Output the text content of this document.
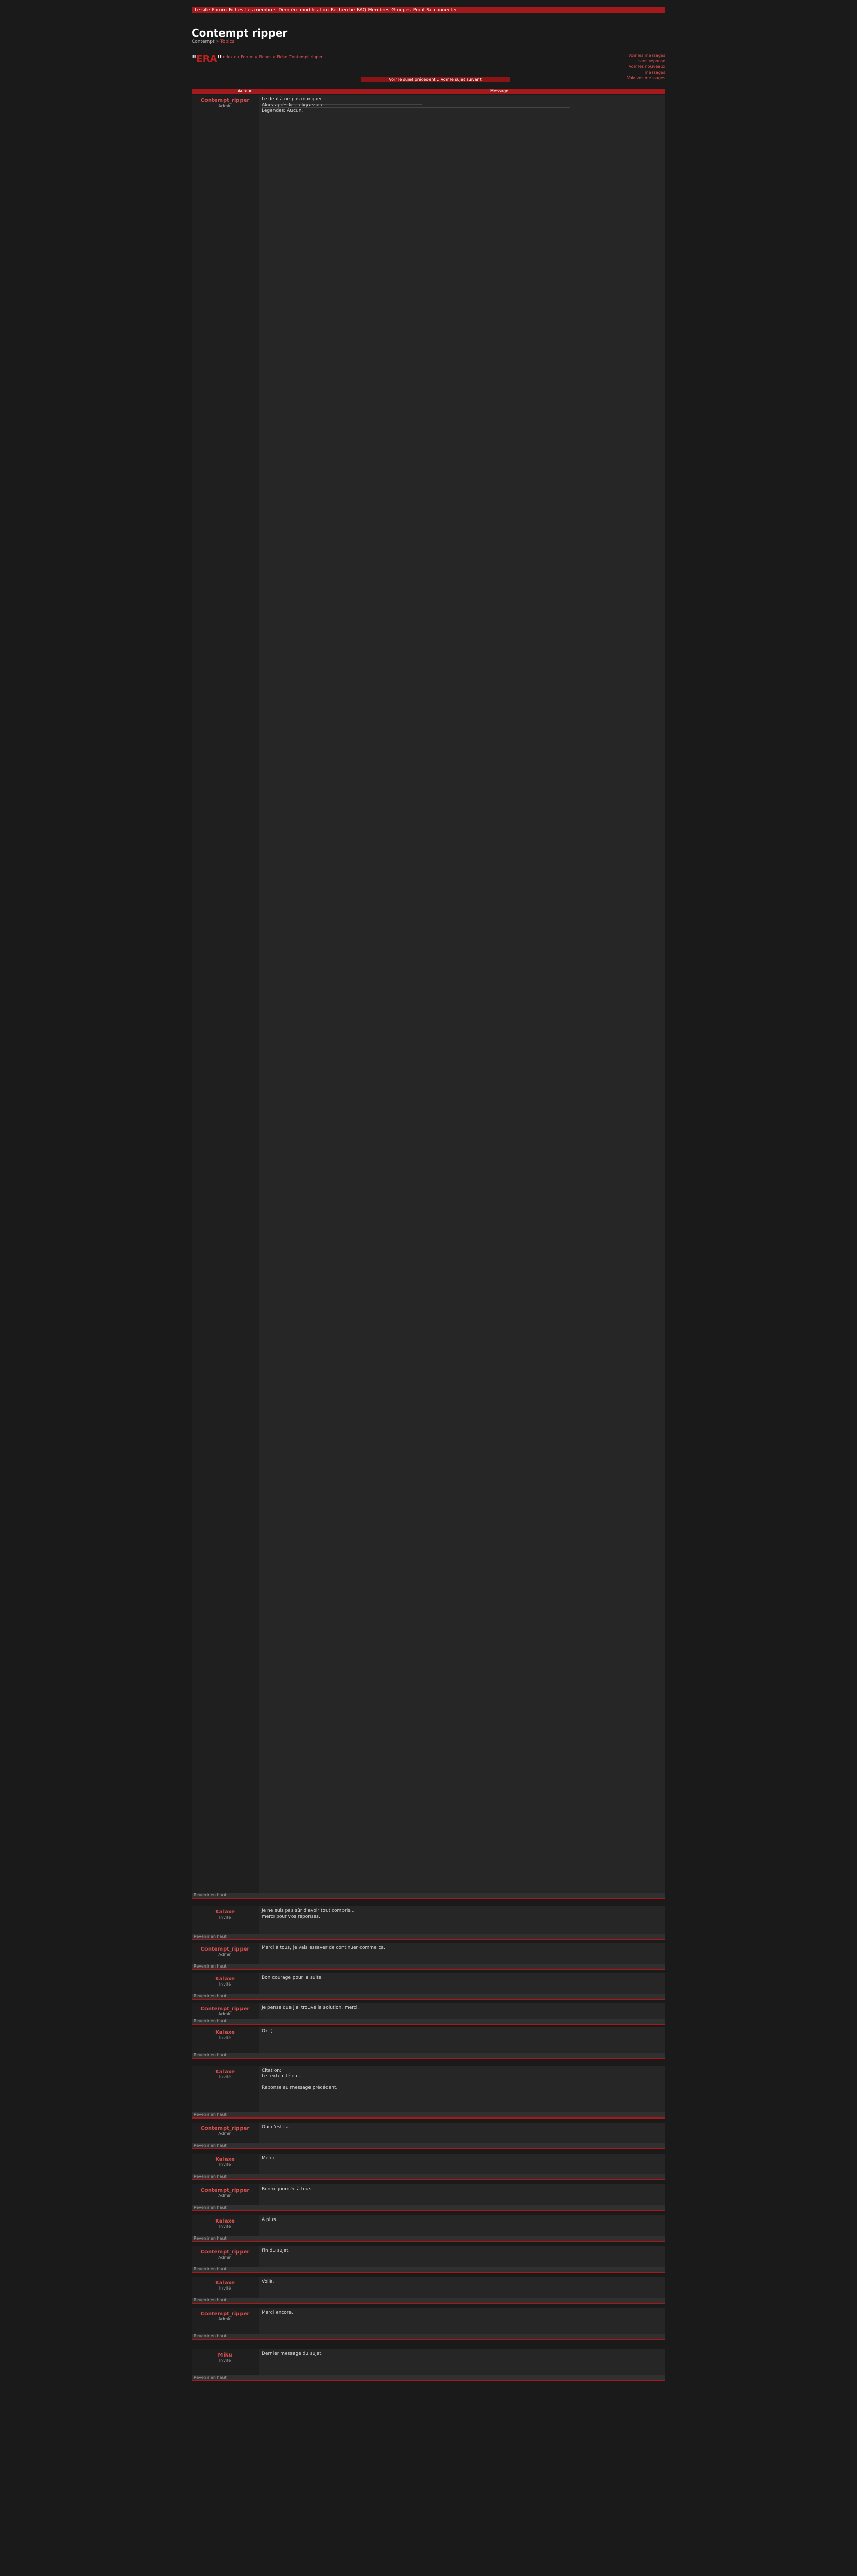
Le site Forum Fiches Les membres Dernière modification Recherche FAQ Membres Groupes Profil Se connecter
Contempt ripper
Contempt » Topics
"ERA" Index du Forum » Fiches » Fiche Contempt ripper	Voir les messages sans réponse
Voir les nouveaux messages
Voir vos messages
Voir le sujet précédent :: Voir le sujet suivant
Auteur	Message
Contempt_ripper
Admin
Le deal à ne pas manquer :
Alors après le... cliquez-ici
Legendes: Aucun.
Revenir en haut
Kalaxe
Invité
Je ne suis pas sûr d'avoir tout compris...
merci pour vos réponses.
Revenir en haut
Contempt_ripper
Admin
Merci à tous, je vais essayer de continuer comme ça.
Revenir en haut
Kalaxe
Invité
Bon courage pour la suite.
Revenir en haut
Contempt_ripper
Admin
Je pense que j'ai trouvé la solution, merci.
Revenir en haut
Kalaxe
Invité
Ok :)
Revenir en haut
Kalaxe
Invité
Citation:
Le texte cité ici...

Reponse au message précédent.
Revenir en haut
Contempt_ripper
Admin
Oui c'est ça.
Revenir en haut
Kalaxe
Invité
Merci.
Revenir en haut
Contempt_ripper
Admin
Bonne journée à tous.
Revenir en haut
Kalaxe
Invité
A plus.
Revenir en haut
Contempt_ripper
Admin
Fin du sujet.
Revenir en haut
Kalaxe
Invité
Voilà.
Revenir en haut
Contempt_ripper
Admin
Merci encore.
Revenir en haut
Miku
Invité
Dernier message du sujet.
Revenir en haut
